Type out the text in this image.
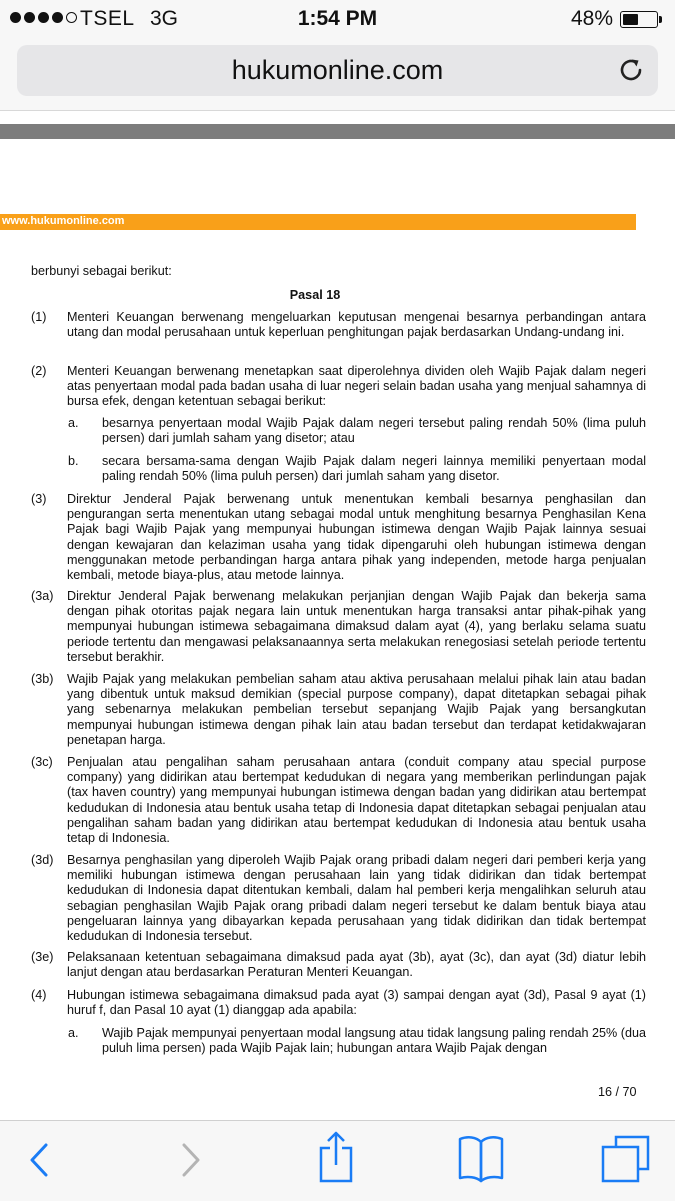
TSEL 3G	1:54 PM	48%
hukumonline.com
www.hukumonline.com
berbunyi sebagai berikut:
Pasal 18
(1)	Menteri Keuangan berwenang mengeluarkan keputusan mengenai besarnya perbandingan antara utang dan modal perusahaan untuk keperluan penghitungan pajak berdasarkan Undang-undang ini.
(2)	Menteri Keuangan berwenang menetapkan saat diperolehnya dividen oleh Wajib Pajak dalam negeri atas penyertaan modal pada badan usaha di luar negeri selain badan usaha yang menjual sahamnya di bursa efek, dengan ketentuan sebagai berikut:
a.	besarnya penyertaan modal Wajib Pajak dalam negeri tersebut paling rendah 50% (lima puluh persen) dari jumlah saham yang disetor; atau
b.	secara bersama-sama dengan Wajib Pajak dalam negeri lainnya memiliki penyertaan modal paling rendah 50% (lima puluh persen) dari jumlah saham yang disetor.
(3)	Direktur Jenderal Pajak berwenang untuk menentukan kembali besarnya penghasilan dan pengurangan serta menentukan utang sebagai modal untuk menghitung besarnya Penghasilan Kena Pajak bagi Wajib Pajak yang mempunyai hubungan istimewa dengan Wajib Pajak lainnya sesuai dengan kewajaran dan kelaziman usaha yang tidak dipengaruhi oleh hubungan istimewa dengan menggunakan metode perbandingan harga antara pihak yang independen, metode harga penjualan kembali, metode biaya-plus, atau metode lainnya.
(3a)	Direktur Jenderal Pajak berwenang melakukan perjanjian dengan Wajib Pajak dan bekerja sama dengan pihak otoritas pajak negara lain untuk menentukan harga transaksi antar pihak-pihak yang mempunyai hubungan istimewa sebagaimana dimaksud dalam ayat (4), yang berlaku selama suatu periode tertentu dan mengawasi pelaksanaannya serta melakukan renegosiasi setelah periode tertentu tersebut berakhir.
(3b)	Wajib Pajak yang melakukan pembelian saham atau aktiva perusahaan melalui pihak lain atau badan yang dibentuk untuk maksud demikian (special purpose company), dapat ditetapkan sebagai pihak yang sebenarnya melakukan pembelian tersebut sepanjang Wajib Pajak yang bersangkutan mempunyai hubungan istimewa dengan pihak lain atau badan tersebut dan terdapat ketidakwajaran penetapan harga.
(3c)	Penjualan atau pengalihan saham perusahaan antara (conduit company atau special purpose company) yang didirikan atau bertempat kedudukan di negara yang memberikan perlindungan pajak (tax haven country) yang mempunyai hubungan istimewa dengan badan yang didirikan atau bertempat kedudukan di Indonesia atau bentuk usaha tetap di Indonesia dapat ditetapkan sebagai penjualan atau pengalihan saham badan yang didirikan atau bertempat kedudukan di Indonesia atau bentuk usaha tetap di Indonesia.
(3d)	Besarnya penghasilan yang diperoleh Wajib Pajak orang pribadi dalam negeri dari pemberi kerja yang memiliki hubungan istimewa dengan perusahaan lain yang tidak didirikan dan tidak bertempat kedudukan di Indonesia dapat ditentukan kembali, dalam hal pemberi kerja mengalihkan seluruh atau sebagian penghasilan Wajib Pajak orang pribadi dalam negeri tersebut ke dalam bentuk biaya atau pengeluaran lainnya yang dibayarkan kepada perusahaan yang tidak didirikan dan tidak bertempat kedudukan di Indonesia tersebut.
(3e)	Pelaksanaan ketentuan sebagaimana dimaksud pada ayat (3b), ayat (3c), dan ayat (3d) diatur lebih lanjut dengan atau berdasarkan Peraturan Menteri Keuangan.
(4)	Hubungan istimewa sebagaimana dimaksud pada ayat (3) sampai dengan ayat (3d), Pasal 9 ayat (1) huruf f, dan Pasal 10 ayat (1) dianggap ada apabila:
a.	Wajib Pajak mempunyai penyertaan modal langsung atau tidak langsung paling rendah 25% (dua puluh lima persen) pada Wajib Pajak lain; hubungan antara Wajib Pajak dengan
16 / 70
